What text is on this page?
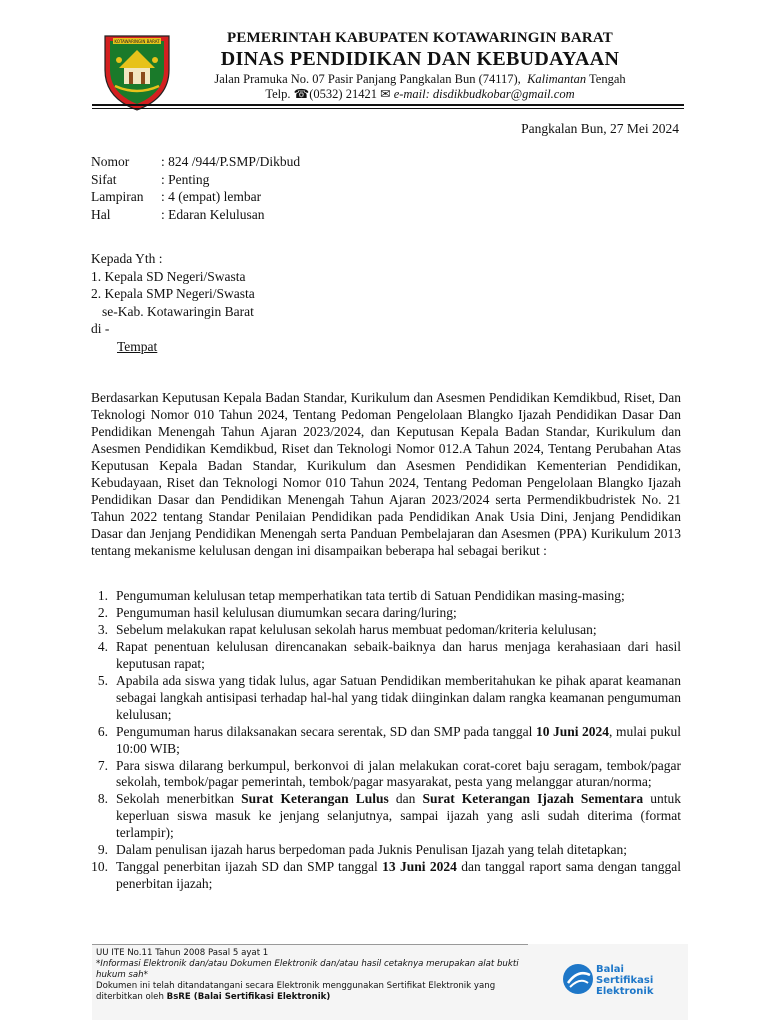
KOTAWARINGIN BARAT	PEMERINTAH KABUPATEN KOTAWARINGIN BARAT
DINAS PENDIDIKAN DAN KEBUDAYAAN
Jalan Pramuka No. 07 Pasir Panjang Pangkalan Bun (74117), Kalimantan Tengah
Telp. ☎(0532) 21421 ✉ e-mail: disdikbudkobar@gmail.com
Pangkalan Bun, 27 Mei 2024
Nomor	: 824 /944/P.SMP/Dikbud
Sifat	: Penting
Lampiran	: 4 (empat) lembar
Hal	: Edaran Kelulusan
Kepada Yth :
1. Kepala SD Negeri/Swasta
2. Kepala SMP Negeri/Swasta
se-Kab. Kotawaringin Barat
di -
Tempat
Berdasarkan Keputusan Kepala Badan Standar, Kurikulum dan Asesmen Pendidikan Kemdikbud, Riset, Dan Teknologi Nomor 010 Tahun 2024, Tentang Pedoman Pengelolaan Blangko Ijazah Pendidikan Dasar Dan Pendidikan Menengah Tahun Ajaran 2023/2024, dan Keputusan Kepala Badan Standar, Kurikulum dan Asesmen Pendidikan Kemdikbud, Riset dan Teknologi Nomor 012.A Tahun 2024, Tentang Perubahan Atas Keputusan Kepala Badan Standar, Kurikulum dan Asesmen Pendidikan Kementerian Pendidikan, Kebudayaan, Riset dan Teknologi Nomor 010 Tahun 2024, Tentang Pedoman Pengelolaan Blangko Ijazah Pendidikan Dasar dan Pendidikan Menengah Tahun Ajaran 2023/2024 serta Permendikbudristek No. 21 Tahun 2022 tentang Standar Penilaian Pendidikan pada Pendidikan Anak Usia Dini, Jenjang Pendidikan Dasar dan Jenjang Pendidikan Menengah serta Panduan Pembelajaran dan Asesmen (PPA) Kurikulum 2013 tentang mekanisme kelulusan dengan ini disampaikan beberapa hal sebagai berikut :
1. Pengumuman kelulusan tetap memperhatikan tata tertib di Satuan Pendidikan masing-masing;
2. Pengumuman hasil kelulusan diumumkan secara daring/luring;
3. Sebelum melakukan rapat kelulusan sekolah harus membuat pedoman/kriteria kelulusan;
4. Rapat penentuan kelulusan direncanakan sebaik-baiknya dan harus menjaga kerahasiaan dari hasil keputusan rapat;
5. Apabila ada siswa yang tidak lulus, agar Satuan Pendidikan memberitahukan ke pihak aparat keamanan sebagai langkah antisipasi terhadap hal-hal yang tidak diinginkan dalam rangka keamanan pengumuman kelulusan;
6. Pengumuman harus dilaksanakan secara serentak, SD dan SMP pada tanggal 10 Juni 2024, mulai pukul 10:00 WIB;
7. Para siswa dilarang berkumpul, berkonvoi di jalan melakukan corat-coret baju seragam, tembok/pagar sekolah, tembok/pagar pemerintah, tembok/pagar masyarakat, pesta yang melanggar aturan/norma;
8. Sekolah menerbitkan Surat Keterangan Lulus dan Surat Keterangan Ijazah Sementara untuk keperluan siswa masuk ke jenjang selanjutnya, sampai ijazah yang asli sudah diterima (format terlampir);
9. Dalam penulisan ijazah harus berpedoman pada Juknis Penulisan Ijazah yang telah ditetapkan;
10. Tanggal penerbitan ijazah SD dan SMP tanggal 13 Juni 2024 dan tanggal raport sama dengan tanggal penerbitan ijazah;
UU ITE No.11 Tahun 2008 Pasal 5 ayat 1
*Informasi Elektronik dan/atau Dokumen Elektronik dan/atau hasil cetaknya merupakan alat bukti hukum sah*
Dokumen ini telah ditandatangani secara Elektronik menggunakan Sertifikat Elektronik yang diterbitkan oleh BsRE (Balai Sertifikasi Elektronik)
Balai
Sertifikasi
Elektronik
